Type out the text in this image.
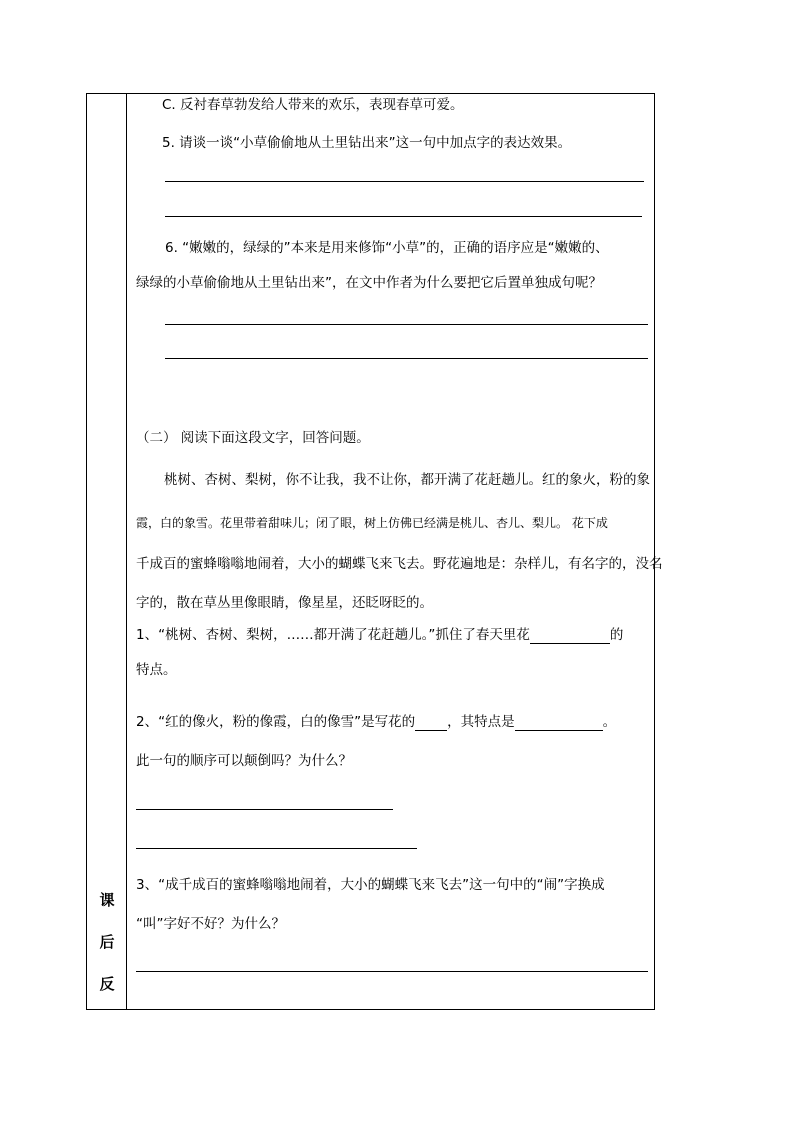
课
后
反
C. 反衬春草勃发给人带来的欢乐，表现春草可爱。
5. 请谈一谈“小草偷偷地从土里钻出来”这一句中加点字的表达效果。
6. “嫩嫩的，绿绿的”本来是用来修饰“小草”的，正确的语序应是“嫩嫩的、
绿绿的小草偷偷地从土里钻出来”，在文中作者为什么要把它后置单独成句呢？
（二） 阅读下面这段文字，回答问题。
桃树、杏树、梨树，你不让我，我不让你，都开满了花赶趟儿。红的象火，粉的象
霞，白的象雪。花里带着甜味儿；闭了眼，树上仿佛已经满是桃儿、杏儿、梨儿。 花下成
千成百的蜜蜂嗡嗡地闹着，大小的蝴蝶飞来飞去。野花遍地是：杂样儿，有名字的，没名
字的，散在草丛里像眼睛，像星星，还眨呀眨的。
1、“桃树、杏树、梨树，……都开满了花赶趟儿。”抓住了春天里花	的
特点。
2、“红的像火，粉的像霞，白的像雪”是写花的 ，其特点是	。
此一句的顺序可以颠倒吗？为什么？
3、“成千成百的蜜蜂嗡嗡地闹着，大小的蝴蝶飞来飞去”这一句中的“闹”字换成
“叫”字好不好？为什么？
